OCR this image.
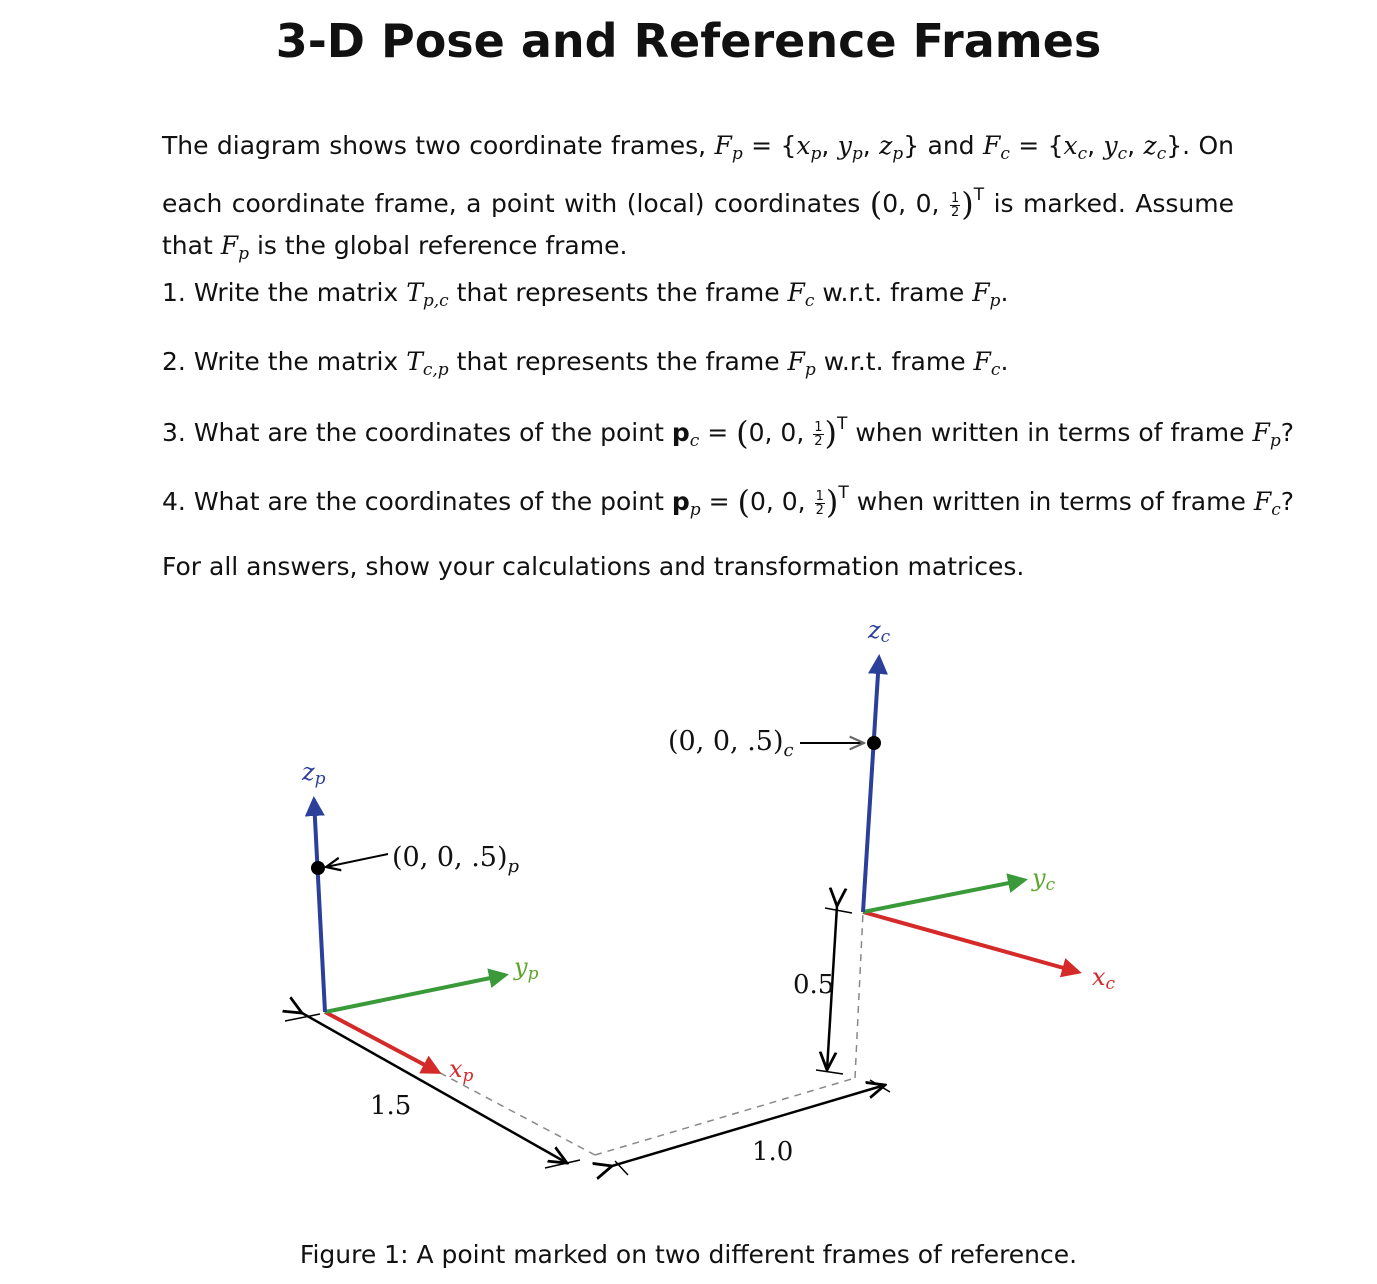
3-D Pose and Reference Frames
The diagram shows two coordinate frames, $F_p = \{x_p$, $y_p$, $z_p$} and $F_c = \{x_c$, $y_c$, $z_c$}. On each coordinate frame, a point with (local) coordinates (0, 0, $\frac{1}{2} )^T$ is marked. Assume that $F_p$ is the global reference frame.
1. Write the matrix $T_{p,c}$ that represents the frame $F_c$ w.r.t. frame $F_p$.
2. Write the matrix $T_{c,p}$ that represents the frame $F_p$ w.r.t. frame $F_c$.
3. What are the coordinates of the point $p_c = (0$, 0, $\frac{1}{2} )^T$ when written in terms of frame $F_p$?
4. What are the coordinates of the point $p_p = (0$, 0, $\frac{1}{2} )^T$ when written in terms of frame $F_c$?
For all answers, show your calculations and transformation matrices.
zp
yp
xp
zc
yc
xc
(0, 0, $.5)_p$
(0, 0, $.5)_c$
1.5
1.0
0.5
Figure 1: A point marked on two different frames of reference.
